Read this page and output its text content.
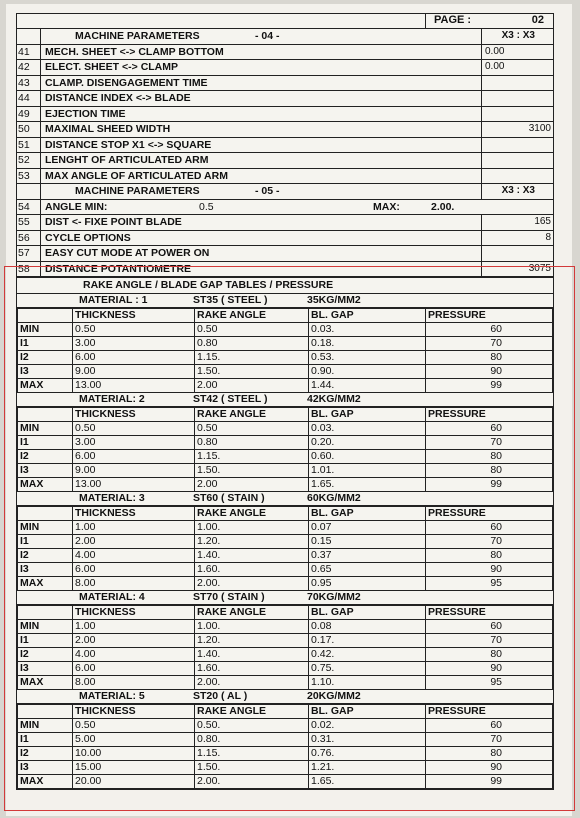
PAGE :	02
MACHINE PARAMETERS	- 04 -	X3 : X3
41	MECH. SHEET <-> CLAMP BOTTOM	0.00
42	ELECT. SHEET <-> CLAMP	0.00
43	CLAMP. DISENGAGEMENT TIME
44	DISTANCE INDEX <-> BLADE
49	EJECTION TIME
50	MAXIMAL SHEED WIDTH	3100
51	DISTANCE STOP X1 <-> SQUARE
52	LENGHT OF ARTICULATED ARM
53	MAX ANGLE OF ARTICULATED ARM
MACHINE PARAMETERS	- 05 -	X3 : X3
54	ANGLE MIN:	0.5	MAX:	2.00.
55	DIST <- FIXE POINT BLADE	165
56	CYCLE OPTIONS	8
57	EASY CUT MODE AT POWER ON
58	DISTANCE POTANTIOMETRE	3075
RAKE ANGLE / BLADE GAP TABLES / PRESSURE
MATERIAL : 1	ST35 ( STEEL )	35KG/MM2
	THICKNESS	RAKE ANGLE	BL. GAP	PRESSURE
MIN	0.50	0.50	0.03.	60
I1	3.00	0.80	0.18.	70
I2	6.00	1.15.	0.53.	80
I3	9.00	1.50.	0.90.	90
MAX	13.00	2.00	1.44.	99
MATERIAL: 2	ST42 ( STEEL )	42KG/MM2
	THICKNESS	RAKE ANGLE	BL. GAP	PRESSURE
MIN	0.50	0.50	0.03.	60
I1	3.00	0.80	0.20.	70
I2	6.00	1.15.	0.60.	80
I3	9.00	1.50.	1.01.	80
MAX	13.00	2.00	1.65.	99
MATERIAL: 3	ST60 ( STAIN )	60KG/MM2
	THICKNESS	RAKE ANGLE	BL. GAP	PRESSURE
MIN	1.00	1.00.	0.07	60
I1	2.00	1.20.	0.15	70
I2	4.00	1.40.	0.37	80
I3	6.00	1.60.	0.65	90
MAX	8.00	2.00.	0.95	95
MATERIAL: 4	ST70 ( STAIN )	70KG/MM2
	THICKNESS	RAKE ANGLE	BL. GAP	PRESSURE
MIN	1.00	1.00.	0.08	60
I1	2.00	1.20.	0.17.	70
I2	4.00	1.40.	0.42.	80
I3	6.00	1.60.	0.75.	90
MAX	8.00	2.00.	1.10.	95
MATERIAL: 5	ST20 ( AL )	20KG/MM2
	THICKNESS	RAKE ANGLE	BL. GAP	PRESSURE
MIN	0.50	0.50.	0.02.	60
I1	5.00	0.80.	0.31.	70
I2	10.00	1.15.	0.76.	80
I3	15.00	1.50.	1.21.	90
MAX	20.00	2.00.	1.65.	99
